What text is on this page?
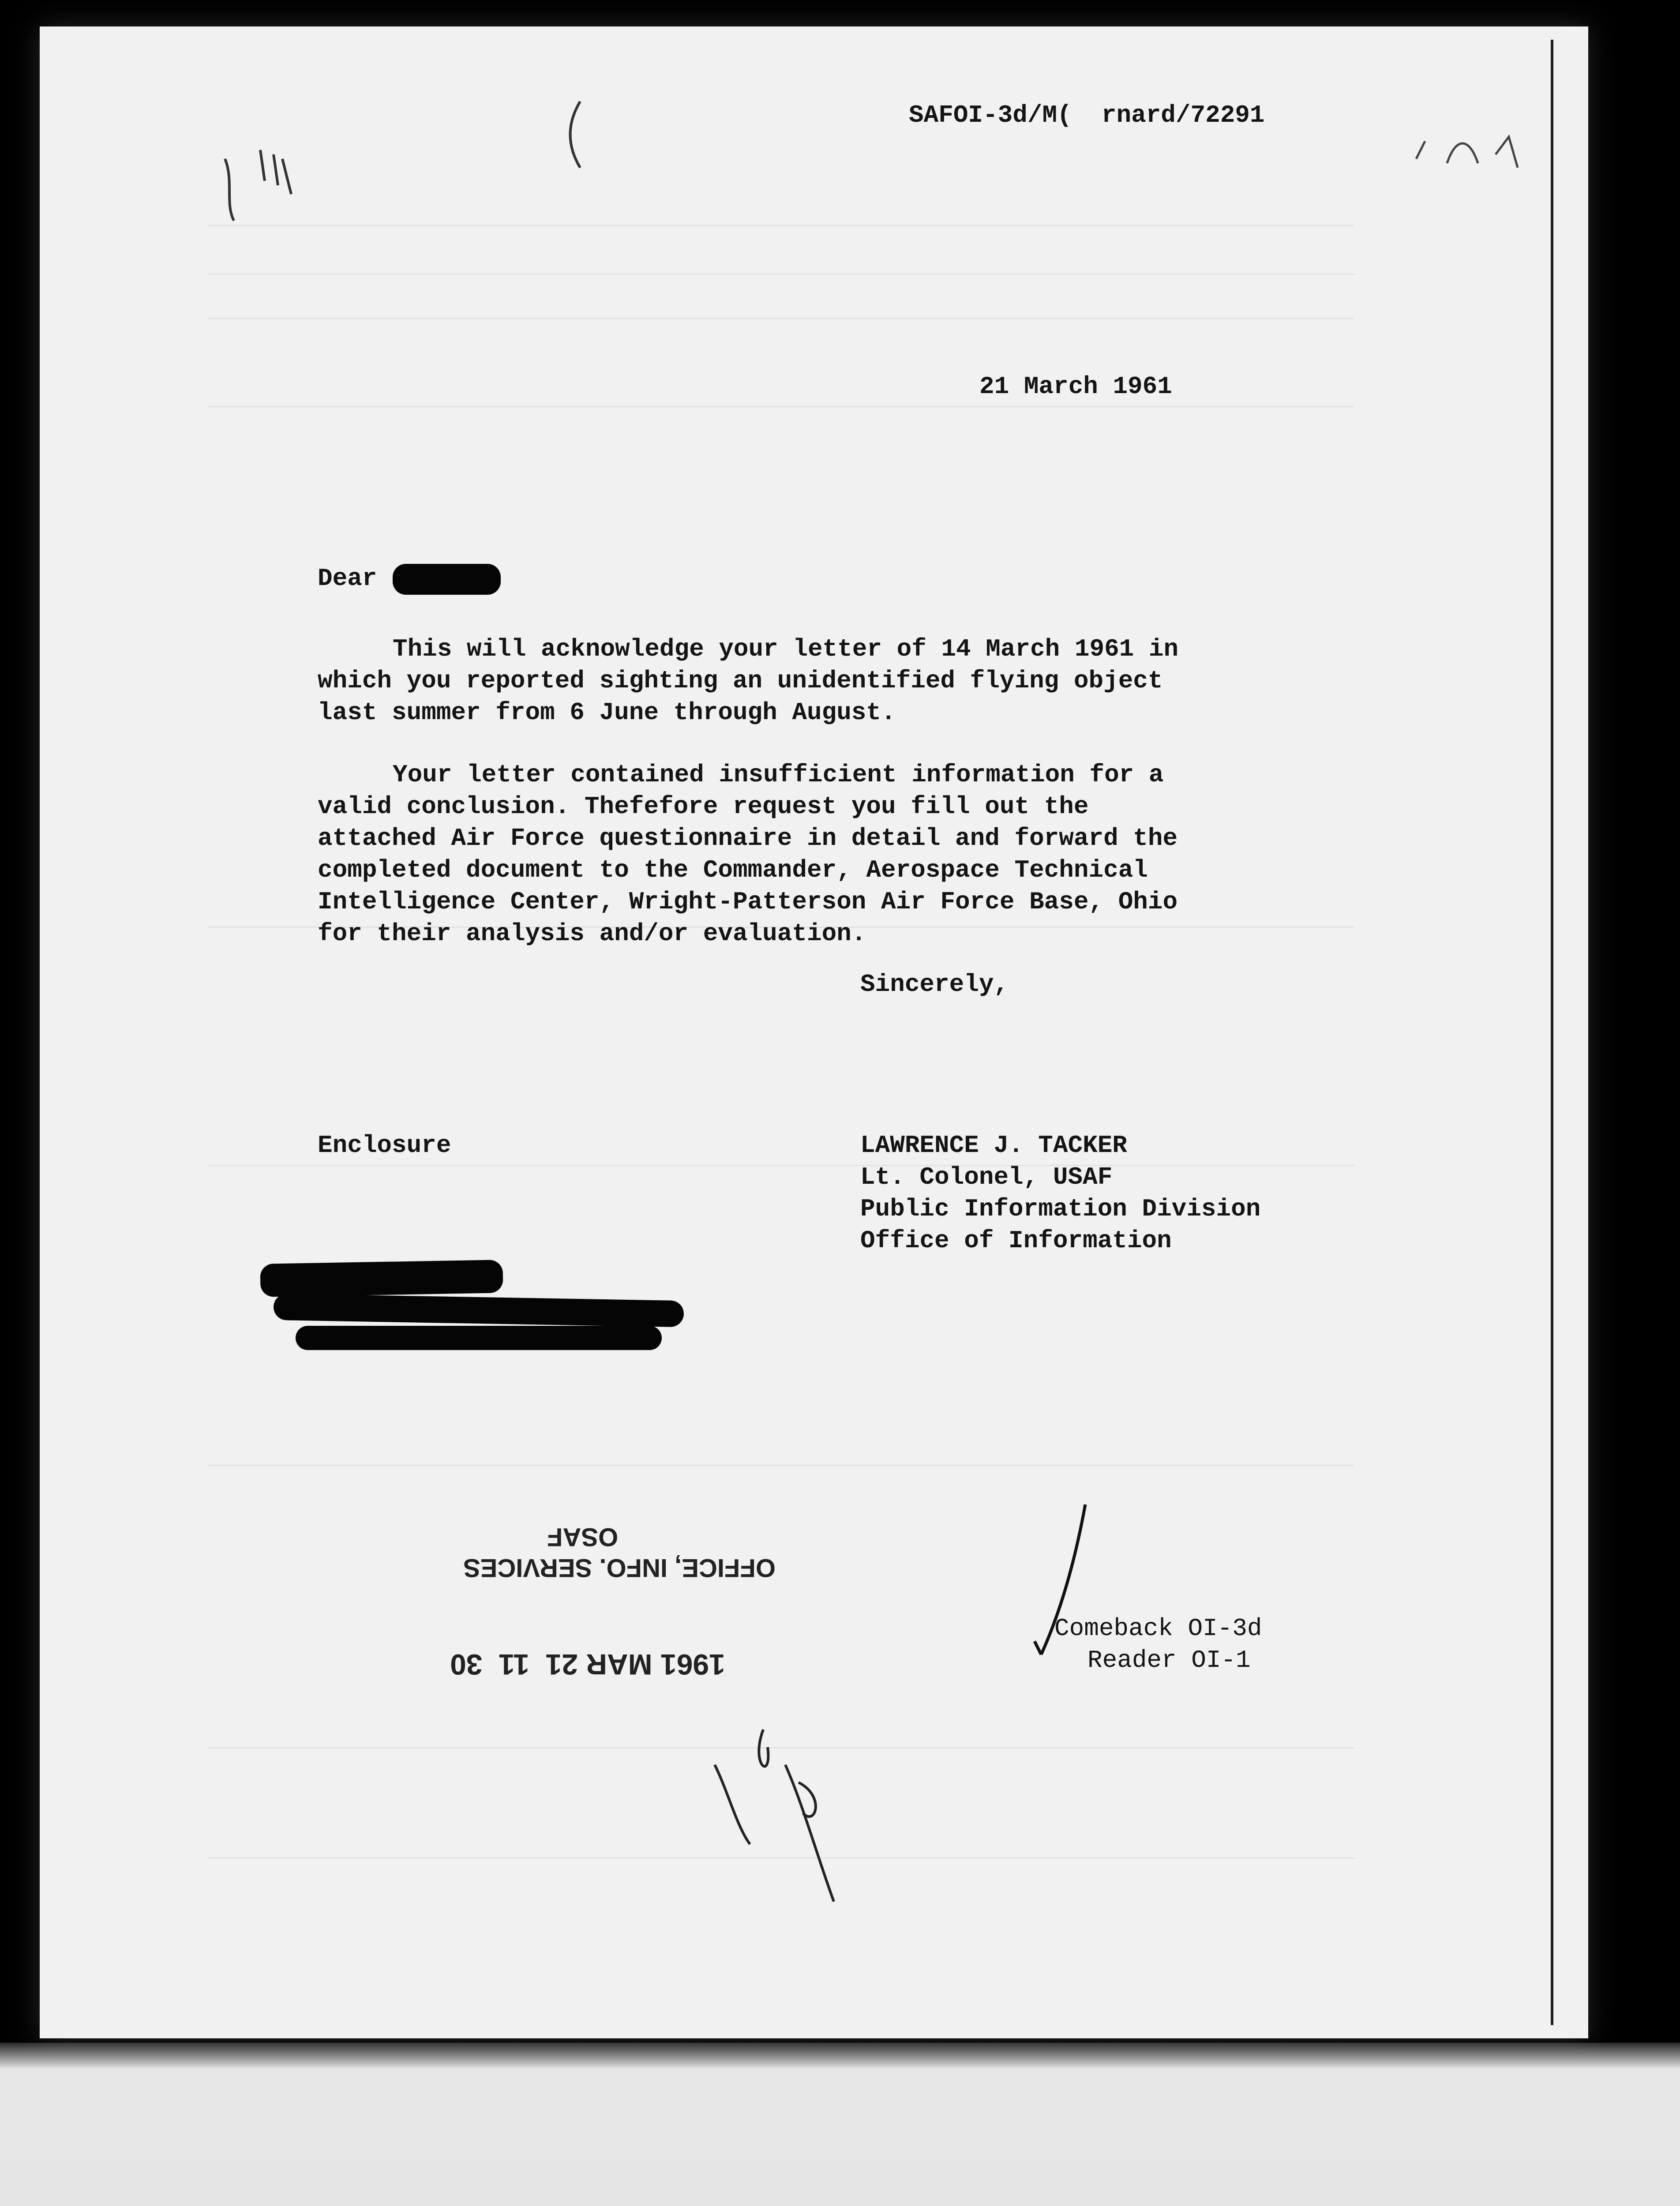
SAFOI-3d/M(  rnard/72291
21 March 1961
Dear
This will acknowledge your letter of 14 March 1961 in
which you reported sighting an unidentified flying object
last summer from 6 June through August.
Your letter contained insufficient information for a
valid conclusion. Thefefore request you fill out the
attached Air Force questionnaire in detail and forward the
completed document to the Commander, Aerospace Technical
Intelligence Center, Wright-Patterson Air Force Base, Ohio
for their analysis and/or evaluation.
Sincerely,
Enclosure	LAWRENCE J. TACKER
Lt. Colonel, USAF
Public Information Division
Office of Information
OSAF
OFFICE, INFO. SERVICES
1961 MAR 21  11  30
Comeback OI-3d
Reader OI-1
